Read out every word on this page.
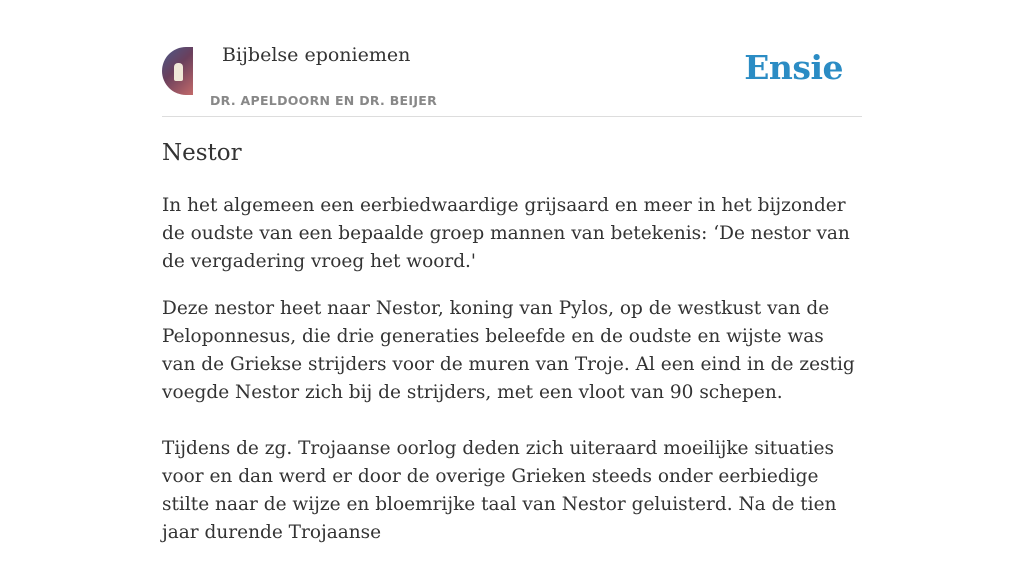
Bijbelse eponiemen
DR. APELDOORN EN DR. BEIJER
Ensie
Nestor

In het algemeen een eerbiedwaardige grijsaard en meer in het bijzonder de oudste van een bepaalde groep mannen van betekenis: ‘De nestor van de vergadering vroeg het woord.'

Deze nestor heet naar Nestor, koning van Pylos, op de westkust van de Peloponnesus, die drie generaties beleefde en de oudste en wijste was van de Griekse strijders voor de muren van Troje. Al een eind in de zestig voegde Nestor zich bij de strijders, met een vloot van 90 schepen.

Tijdens de zg. Trojaanse oorlog deden zich uiteraard moeilijke situaties voor en dan werd er door de overige Grieken steeds onder eerbiedige stilte naar de wijze en bloemrijke taal van Nestor geluisterd. Na de tien jaar durende Trojaanse
